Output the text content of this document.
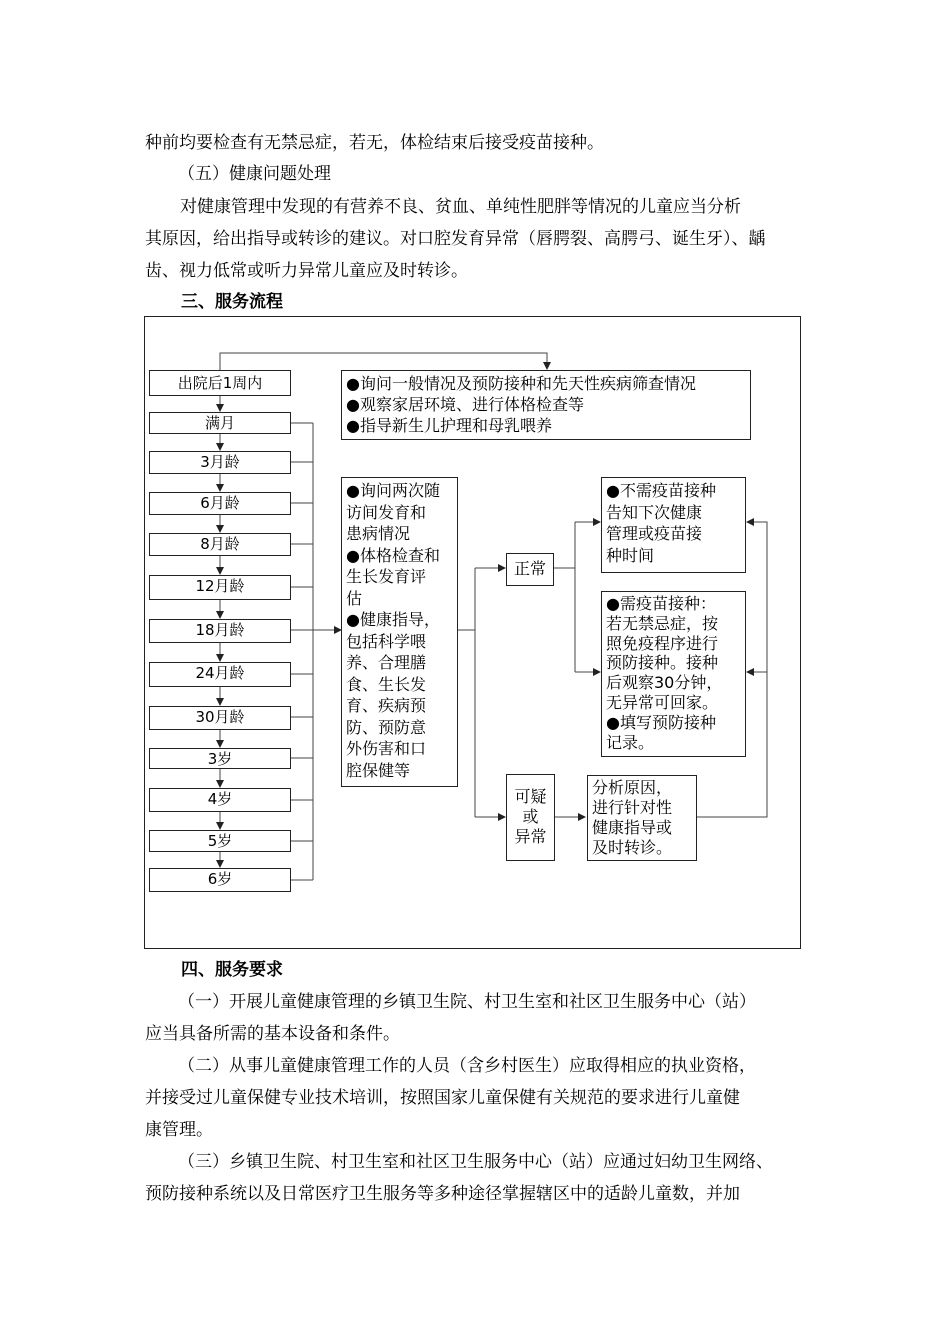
种前均要检查有无禁忌症，若无，体检结束后接受疫苗接种。

（五）健康问题处理

对健康管理中发现的有营养不良、贫血、单纯性肥胖等情况的儿童应当分析

其原因，给出指导或转诊的建议。对口腔发育异常（唇腭裂、高腭弓、诞生牙）、龋

齿、视力低常或听力异常儿童应及时转诊。

三、服务流程

出院后1周内
满月
3月龄
6月龄
8月龄
12月龄
18月龄
24月龄
30月龄
3岁
4岁
5岁
6岁
●询问一般情况及预防接种和先天性疾病筛查情况
●观察家居环境、进行体格检查等
●指导新生儿护理和母乳喂养
●询问两次随
访间发育和
患病情况
●体格检查和
生长发育评
估
●健康指导，
包括科学喂
养、合理膳
食、生长发
育、疾病预
防、预防意
外伤害和口
腔保健等
正常
可疑
或
异常
●不需疫苗接种
告知下次健康
管理或疫苗接
种时间
●需疫苗接种：
若无禁忌症，按
照免疫程序进行
预防接种。接种
后观察30分钟，
无异常可回家。
●填写预防接种
记录。
分析原因，
进行针对性
健康指导或
及时转诊。

四、服务要求

（一）开展儿童健康管理的乡镇卫生院、村卫生室和社区卫生服务中心（站）

应当具备所需的基本设备和条件。

（二）从事儿童健康管理工作的人员（含乡村医生）应取得相应的执业资格，

并接受过儿童保健专业技术培训，按照国家儿童保健有关规范的要求进行儿童健

康管理。

（三）乡镇卫生院、村卫生室和社区卫生服务中心（站）应通过妇幼卫生网络、

预防接种系统以及日常医疗卫生服务等多种途径掌握辖区中的适龄儿童数，并加
